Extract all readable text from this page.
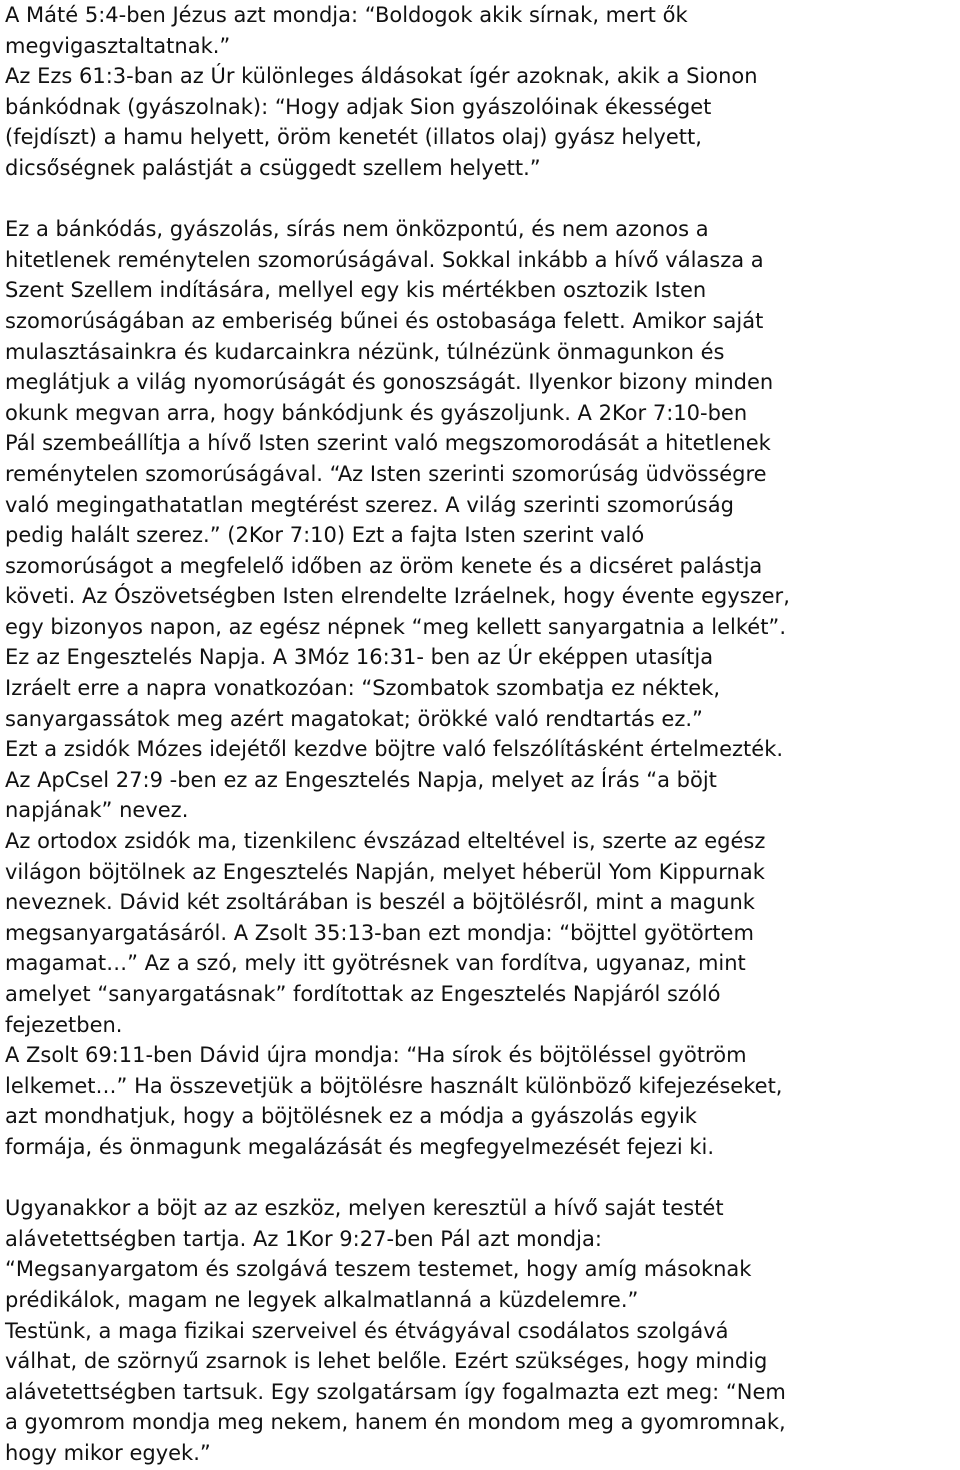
A Máté 5:4-ben Jézus azt mondja: “Boldogok akik sírnak, mert ők
megvigasztaltatnak.”
Az Ezs 61:3-ban az Úr különleges áldásokat ígér azoknak, akik a Sionon
bánkódnak (gyászolnak): “Hogy adjak Sion gyászolóinak ékességet
(fejdíszt) a hamu helyett, öröm kenetét (illatos olaj) gyász helyett,
dicsőségnek palástját a csüggedt szellem helyett.”
Ez a bánkódás, gyászolás, sírás nem önközpontú, és nem azonos a
hitetlenek reménytelen szomorúságával. Sokkal inkább a hívő válasza a
Szent Szellem indítására, mellyel egy kis mértékben osztozik Isten
szomorúságában az emberiség bűnei és ostobasága felett. Amikor saját
mulasztásainkra és kudarcainkra nézünk, túlnézünk önmagunkon és
meglátjuk a világ nyomorúságát és gonoszságát. Ilyenkor bizony minden
okunk megvan arra, hogy bánkódjunk és gyászoljunk. A 2Kor 7:10-ben
Pál szembeállítja a hívő Isten szerint való megszomorodását a hitetlenek
reménytelen szomorúságával. “Az Isten szerinti szomorúság üdvösségre
való megingathatatlan megtérést szerez. A világ szerinti szomorúság
pedig halált szerez.” (2Kor 7:10) Ezt a fajta Isten szerint való
szomorúságot a megfelelő időben az öröm kenete és a dicséret palástja
követi. Az Ószövetségben Isten elrendelte Izráelnek, hogy évente egyszer,
egy bizonyos napon, az egész népnek “meg kellett sanyargatnia a lelkét”.
Ez az Engesztelés Napja. A 3Móz 16:31- ben az Úr eképpen utasítja
Izráelt erre a napra vonatkozóan: “Szombatok szombatja ez néktek,
sanyargassátok meg azért magatokat; örökké való rendtartás ez.”
Ezt a zsidók Mózes idejétől kezdve böjtre való felszólításként értelmezték.
Az ApCsel 27:9 -ben ez az Engesztelés Napja, melyet az Írás “a böjt
napjának” nevez.
Az ortodox zsidók ma, tizenkilenc évszázad elteltével is, szerte az egész
világon böjtölnek az Engesztelés Napján, melyet héberül Yom Kippurnak
neveznek. Dávid két zsoltárában is beszél a böjtölésről, mint a magunk
megsanyargatásáról. A Zsolt 35:13-ban ezt mondja: “böjttel gyötörtem
magamat…” Az a szó, mely itt gyötrésnek van fordítva, ugyanaz, mint
amelyet “sanyargatásnak” fordítottak az Engesztelés Napjáról szóló
fejezetben.
A Zsolt 69:11-ben Dávid újra mondja: “Ha sírok és böjtöléssel gyötröm
lelkemet…” Ha összevetjük a böjtölésre használt különböző kifejezéseket,
azt mondhatjuk, hogy a böjtölésnek ez a módja a gyászolás egyik
formája, és önmagunk megalázását és megfegyelmezését fejezi ki.
Ugyanakkor a böjt az az eszköz, melyen keresztül a hívő saját testét
alávetettségben tartja. Az 1Kor 9:27-ben Pál azt mondja:
“Megsanyargatom és szolgává teszem testemet, hogy amíg másoknak
prédikálok, magam ne legyek alkalmatlanná a küzdelemre.”
Testünk, a maga fizikai szerveivel és étvágyával csodálatos szolgává
válhat, de szörnyű zsarnok is lehet belőle. Ezért szükséges, hogy mindig
alávetettségben tartsuk. Egy szolgatársam így fogalmazta ezt meg: “Nem
a gyomrom mondja meg nekem, hanem én mondom meg a gyomromnak,
hogy mikor egyek.”
